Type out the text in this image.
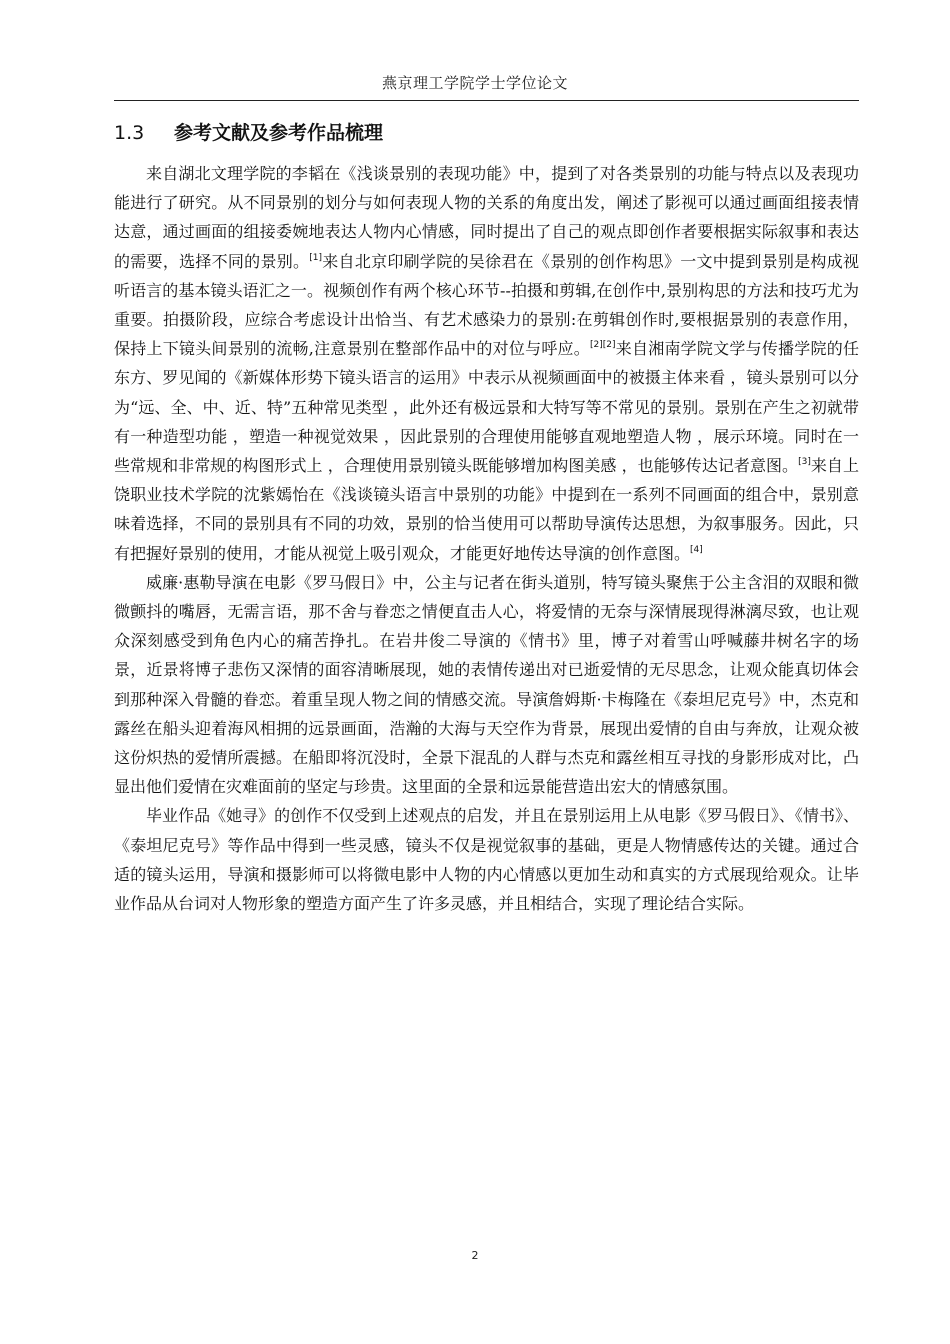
燕京理工学院学士学位论文
1.3 参考文献及参考作品梳理

来自湖北文理学院的李韬在《浅谈景别的表现功能》中，提到了对各类景别的功能与特点以及表现功能进行了研究。从不同景别的划分与如何表现人物的关系的角度出发，阐述了影视可以通过画面组接表情达意，通过画面的组接委婉地表达人物内心情感，同时提出了自己的观点即创作者要根据实际叙事和表达的需要，选择不同的景别。[1]来自北京印刷学院的吴徐君在《景别的创作构思》一文中提到景别是构成视听语言的基本镜头语汇之一。视频创作有两个核心环节--拍摄和剪辑,在创作中,景别构思的方法和技巧尤为重要。拍摄阶段，应综合考虑设计出恰当、有艺术感染力的景别:在剪辑创作时,要根据景别的表意作用，保持上下镜头间景别的流畅,注意景别在整部作品中的对位与呼应。[2][2]来自湘南学院文学与传播学院的任东方、罗见闻的《新媒体形势下镜头语言的运用》中表示从视频画面中的被摄主体来看 ，镜头景别可以分为“远、全、中、近、特”五种常见类型 ，此外还有极远景和大特写等不常见的景别。景别在产生之初就带有一种造型功能 ，塑造一种视觉效果 ，因此景别的合理使用能够直观地塑造人物 ，展示环境。同时在一些常规和非常规的构图形式上 ，合理使用景别镜头既能够增加构图美感 ，也能够传达记者意图。[3]来自上饶职业技术学院的沈紫嫣怡在《浅谈镜头语言中景别的功能》中提到在一系列不同画面的组合中，景别意味着选择，不同的景别具有不同的功效，景别的恰当使用可以帮助导演传达思想，为叙事服务。因此，只有把握好景别的使用，才能从视觉上吸引观众，才能更好地传达导演的创作意图。[4]

威廉·惠勒导演在电影《罗马假日》中，公主与记者在街头道别，特写镜头聚焦于公主含泪的双眼和微微颤抖的嘴唇，无需言语，那不舍与眷恋之情便直击人心，将爱情的无奈与深情展现得淋漓尽致，也让观众深刻感受到角色内心的痛苦挣扎。在岩井俊二导演的《情书》里，博子对着雪山呼喊藤井树名字的场景，近景将博子悲伤又深情的面容清晰展现，她的表情传递出对已逝爱情的无尽思念，让观众能真切体会到那种深入骨髓的眷恋。着重呈现人物之间的情感交流。导演詹姆斯·卡梅隆在《泰坦尼克号》中，杰克和露丝在船头迎着海风相拥的远景画面，浩瀚的大海与天空作为背景，展现出爱情的自由与奔放，让观众被这份炽热的爱情所震撼。在船即将沉没时，全景下混乱的人群与杰克和露丝相互寻找的身影形成对比，凸显出他们爱情在灾难面前的坚定与珍贵。这里面的全景和远景能营造出宏大的情感氛围。

毕业作品《她寻》的创作不仅受到上述观点的启发，并且在景别运用上从电影《罗马假日》、《情书》、《泰坦尼克号》等作品中得到一些灵感，镜头不仅是视觉叙事的基础，更是人物情感传达的关键。通过合适的镜头运用，导演和摄影师可以将微电影中人物的内心情感以更加生动和真实的方式展现给观众。让毕业作品从台词对人物形象的塑造方面产生了许多灵感，并且相结合，实现了理论结合实际。

2
